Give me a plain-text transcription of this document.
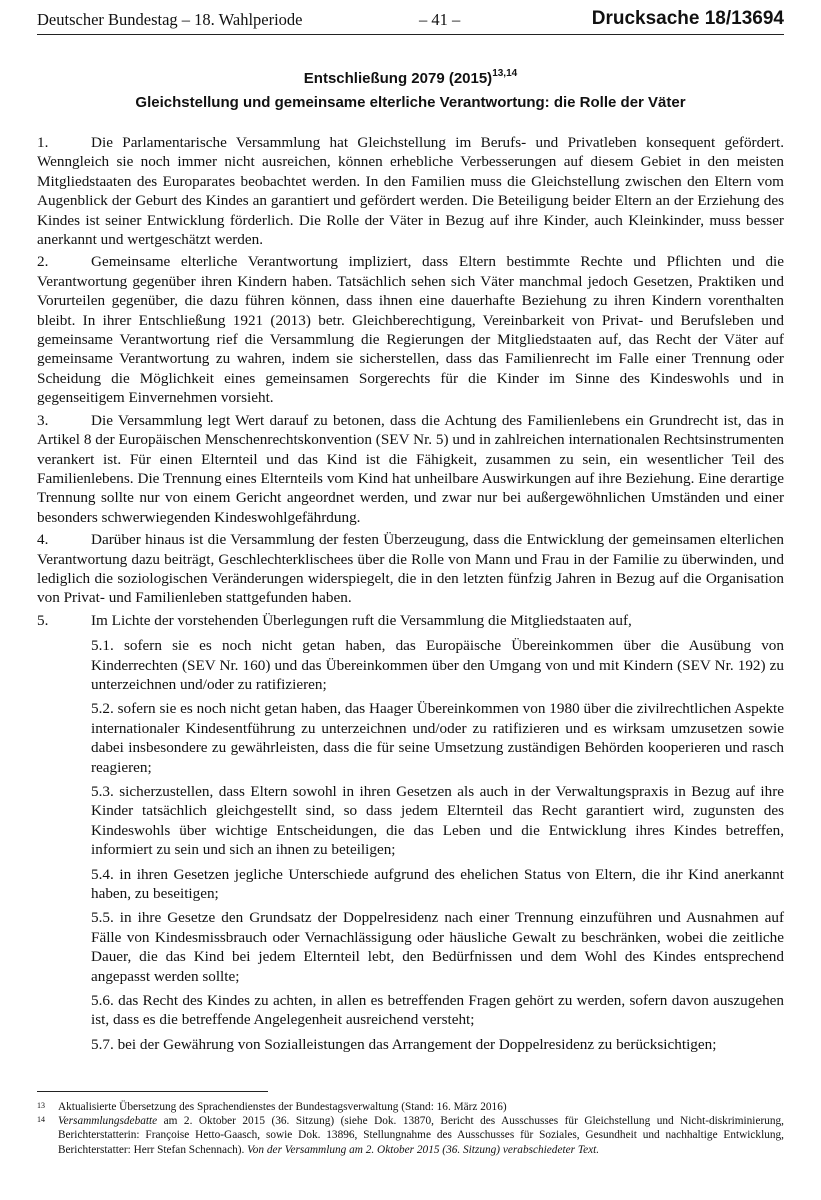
Deutscher Bundestag – 18. Wahlperiode	– 41 –	Drucksache 18/13694
Entschließung 2079 $(2015)^{13,14}$
Gleichstellung und gemeinsame elterliche Verantwortung: die Rolle der Väter

1.	Die Parlamentarische Versammlung hat Gleichstellung im Berufs- und Privatleben konsequent gefördert. Wenngleich sie noch immer nicht ausreichen, können erhebliche Verbesserungen auf diesem Gebiet in den meisten Mitgliedstaaten des Europarates beobachtet werden. In den Familien muss die Gleichstellung zwischen den Eltern vom Augenblick der Geburt des Kindes an garantiert und gefördert werden. Die Beteiligung beider Eltern an der Erziehung des Kindes ist seiner Entwicklung förderlich. Die Rolle der Väter in Bezug auf ihre Kinder, auch Kleinkinder, muss besser anerkannt und wertgeschätzt werden.

2.	Gemeinsame elterliche Verantwortung impliziert, dass Eltern bestimmte Rechte und Pflichten und die Verantwortung gegenüber ihren Kindern haben. Tatsächlich sehen sich Väter manchmal jedoch Gesetzen, Praktiken und Vorurteilen gegenüber, die dazu führen können, dass ihnen eine dauerhafte Beziehung zu ihren Kindern vorenthalten bleibt. In ihrer Entschließung 1921 (2013) betr. Gleichberechtigung, Vereinbarkeit von Privat- und Berufsleben und gemeinsame Verantwortung rief die Versammlung die Regierungen der Mitgliedstaaten auf, das Recht der Väter auf gemeinsame Verantwortung zu wahren, indem sie sicherstellen, dass das Familienrecht im Falle einer Trennung oder Scheidung die Möglichkeit eines gemeinsamen Sorgerechts für die Kinder im Sinne des Kindeswohls und in gegenseitigem Einvernehmen vorsieht.

3.	Die Versammlung legt Wert darauf zu betonen, dass die Achtung des Familienlebens ein Grundrecht ist, das in Artikel 8 der Europäischen Menschenrechtskonvention (SEV Nr. 5) und in zahlreichen internationalen Rechtsinstrumenten verankert ist. Für einen Elternteil und das Kind ist die Fähigkeit, zusammen zu sein, ein wesentlicher Teil des Familienlebens. Die Trennung eines Elternteils vom Kind hat unheilbare Auswirkungen auf ihre Beziehung. Eine derartige Trennung sollte nur von einem Gericht angeordnet werden, und zwar nur bei außergewöhnlichen Umständen und einer besonders schwerwiegenden Kindeswohlgefährdung.

4.	Darüber hinaus ist die Versammlung der festen Überzeugung, dass die Entwicklung der gemeinsamen elterlichen Verantwortung dazu beiträgt, Geschlechterklischees über die Rolle von Mann und Frau in der Familie zu überwinden, und lediglich die soziologischen Veränderungen widerspiegelt, die in den letzten fünfzig Jahren in Bezug auf die Organisation von Privat- und Familienleben stattgefunden haben.

5.	Im Lichte der vorstehenden Überlegungen ruft die Versammlung die Mitgliedstaaten auf,

5.1. sofern sie es noch nicht getan haben, das Europäische Übereinkommen über die Ausübung von Kinderrechten (SEV Nr. 160) und das Übereinkommen über den Umgang von und mit Kindern (SEV Nr. 192) zu unterzeichnen und/oder zu ratifizieren;

5.2. sofern sie es noch nicht getan haben, das Haager Übereinkommen von 1980 über die zivilrechtlichen Aspekte internationaler Kindesentführung zu unterzeichnen und/oder zu ratifizieren und es wirksam umzusetzen sowie dabei insbesondere zu gewährleisten, dass die für seine Umsetzung zuständigen Behörden kooperieren und rasch reagieren;

5.3. sicherzustellen, dass Eltern sowohl in ihren Gesetzen als auch in der Verwaltungspraxis in Bezug auf ihre Kinder tatsächlich gleichgestellt sind, so dass jedem Elternteil das Recht garantiert wird, zugunsten des Kindeswohls über wichtige Entscheidungen, die das Leben und die Entwicklung ihres Kindes betreffen, informiert zu sein und sich an ihnen zu beteiligen;

5.4. in ihren Gesetzen jegliche Unterschiede aufgrund des ehelichen Status von Eltern, die ihr Kind anerkannt haben, zu beseitigen;

5.5. in ihre Gesetze den Grundsatz der Doppelresidenz nach einer Trennung einzuführen und Ausnahmen auf Fälle von Kindesmissbrauch oder Vernachlässigung oder häusliche Gewalt zu beschränken, wobei die zeitliche Dauer, die das Kind bei jedem Elternteil lebt, den Bedürfnissen und dem Wohl des Kindes entsprechend angepasst werden sollte;

5.6. das Recht des Kindes zu achten, in allen es betreffenden Fragen gehört zu werden, sofern davon auszugehen ist, dass es die betreffende Angelegenheit ausreichend versteht;

5.7. bei der Gewährung von Sozialleistungen das Arrangement der Doppelresidenz zu berücksichtigen;

13	Aktualisierte Übersetzung des Sprachendienstes der Bundestagsverwaltung (Stand: 16. März 2016)
14	Versammlungsdebatte am 2. Oktober 2015 (36. Sitzung) (siehe Dok. 13870, Bericht des Ausschusses für Gleichstellung und Nicht-diskriminierung, Berichterstatterin: Françoise Hetto-Gaasch, sowie Dok. 13896, Stellungnahme des Ausschusses für Soziales, Gesundheit und nachhaltige Entwicklung, Berichterstatter: Herr Stefan Schennach). Von der Versammlung am 2. Oktober 2015 (36. Sitzung) verabschiedeter Text.
